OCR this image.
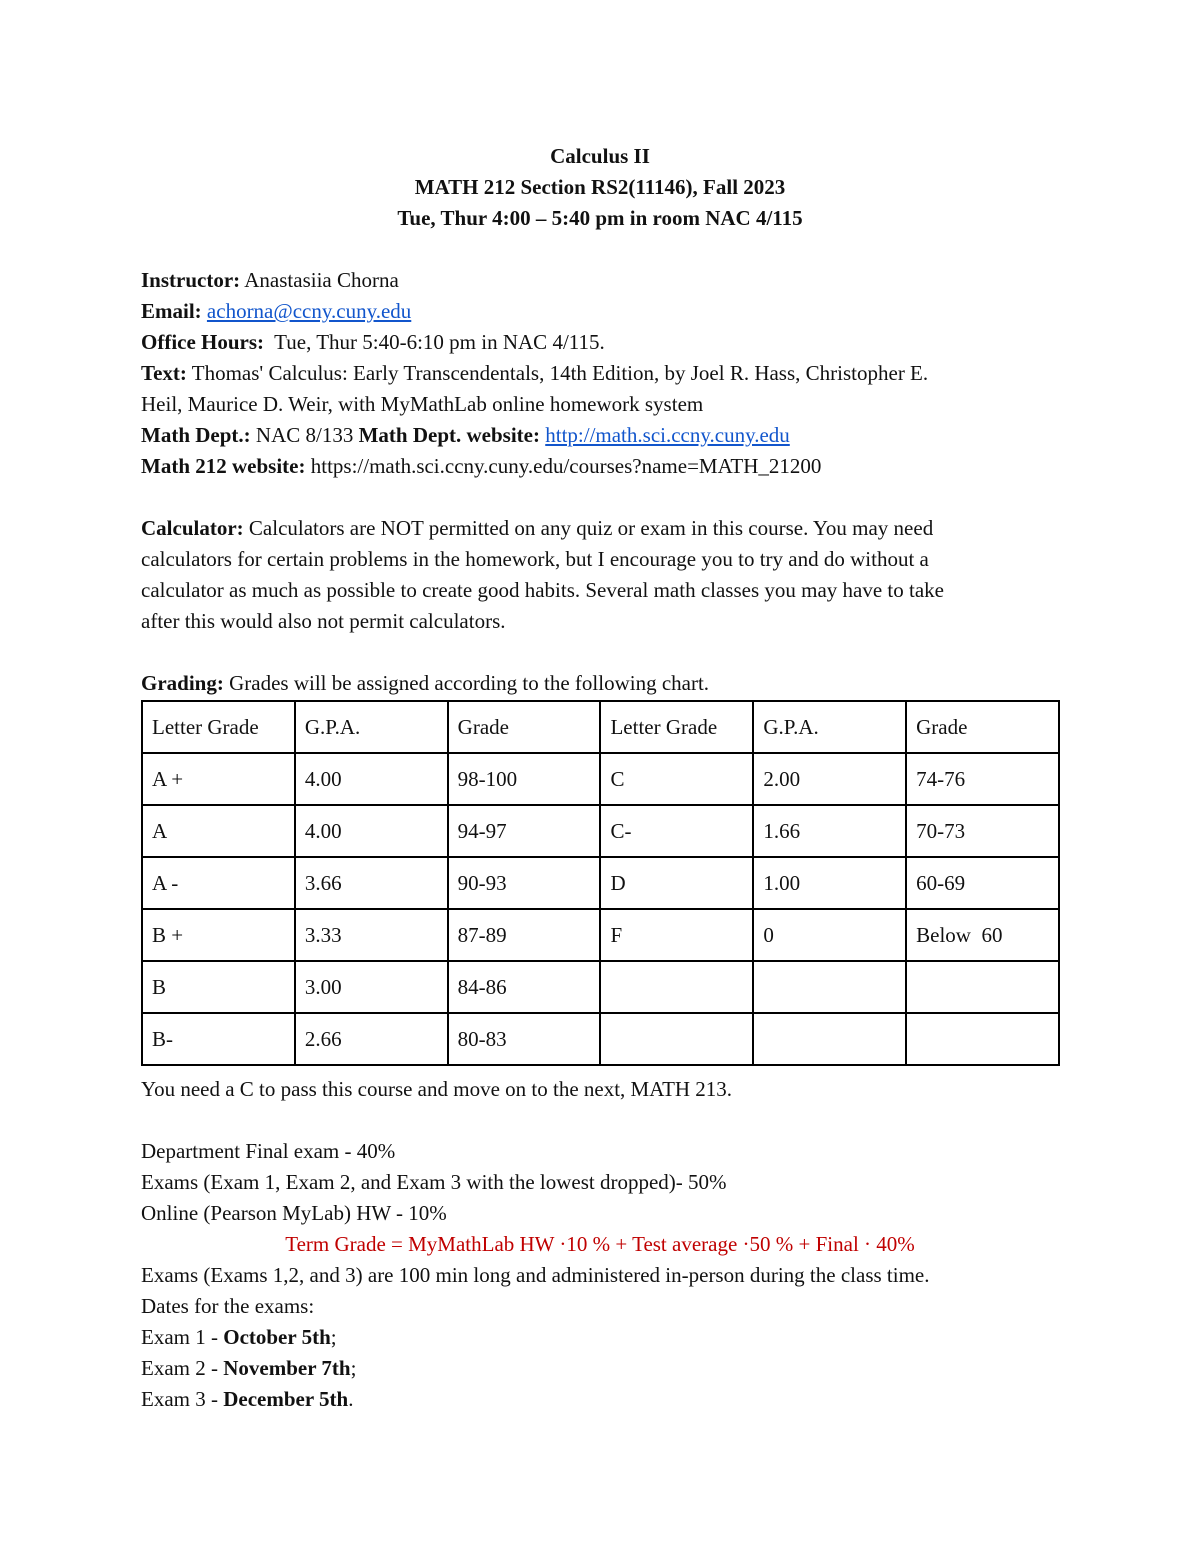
Calculus II
MATH 212 Section RS2(11146), Fall 2023
Tue, Thur 4:00 – 5:40 pm in room NAC 4/115
Instructor: Anastasiia Chorna
Email: achorna@ccny.cuny.edu
Office Hours: Tue, Thur 5:40-6:10 pm in NAC 4/115.
Text: Thomas' Calculus: Early Transcendentals, 14th Edition, by Joel R. Hass, Christopher E.
Heil, Maurice D. Weir, with MyMathLab online homework system
Math Dept.: NAC 8/133 Math Dept. website: http://math.sci.ccny.cuny.edu
Math 212 website: https://math.sci.ccny.cuny.edu/courses?name=MATH_21200
Calculator: Calculators are NOT permitted on any quiz or exam in this course. You may need
calculators for certain problems in the homework, but I encourage you to try and do without a
calculator as much as possible to create good habits. Several math classes you may have to take
after this would also not permit calculators.
Grading: Grades will be assigned according to the following chart.
Letter Grade	G.P.A.	Grade	Letter Grade	G.P.A.	Grade
A +	4.00	98-100	C	2.00	74-76
A	4.00	94-97	C-	1.66	70-73
A -	3.66	90-93	D	1.00	60-69
B +	3.33	87-89	F	0	Below  60
B	3.00	84-86			
B-	2.66	80-83			
You need a C to pass this course and move on to the next, MATH 213.
Department Final exam - 40%
Exams (Exam 1, Exam 2, and Exam 3 with the lowest dropped)- 50%
Online (Pearson MyLab) HW - 10%
Term Grade = MyMathLab HW ·10 % + Test average ·50 % + Final · 40%
Exams (Exams 1,2, and 3) are 100 min long and administered in-person during the class time.
Dates for the exams:
Exam 1 - October 5th;
Exam 2 - November 7th;
Exam 3 - December 5th.
